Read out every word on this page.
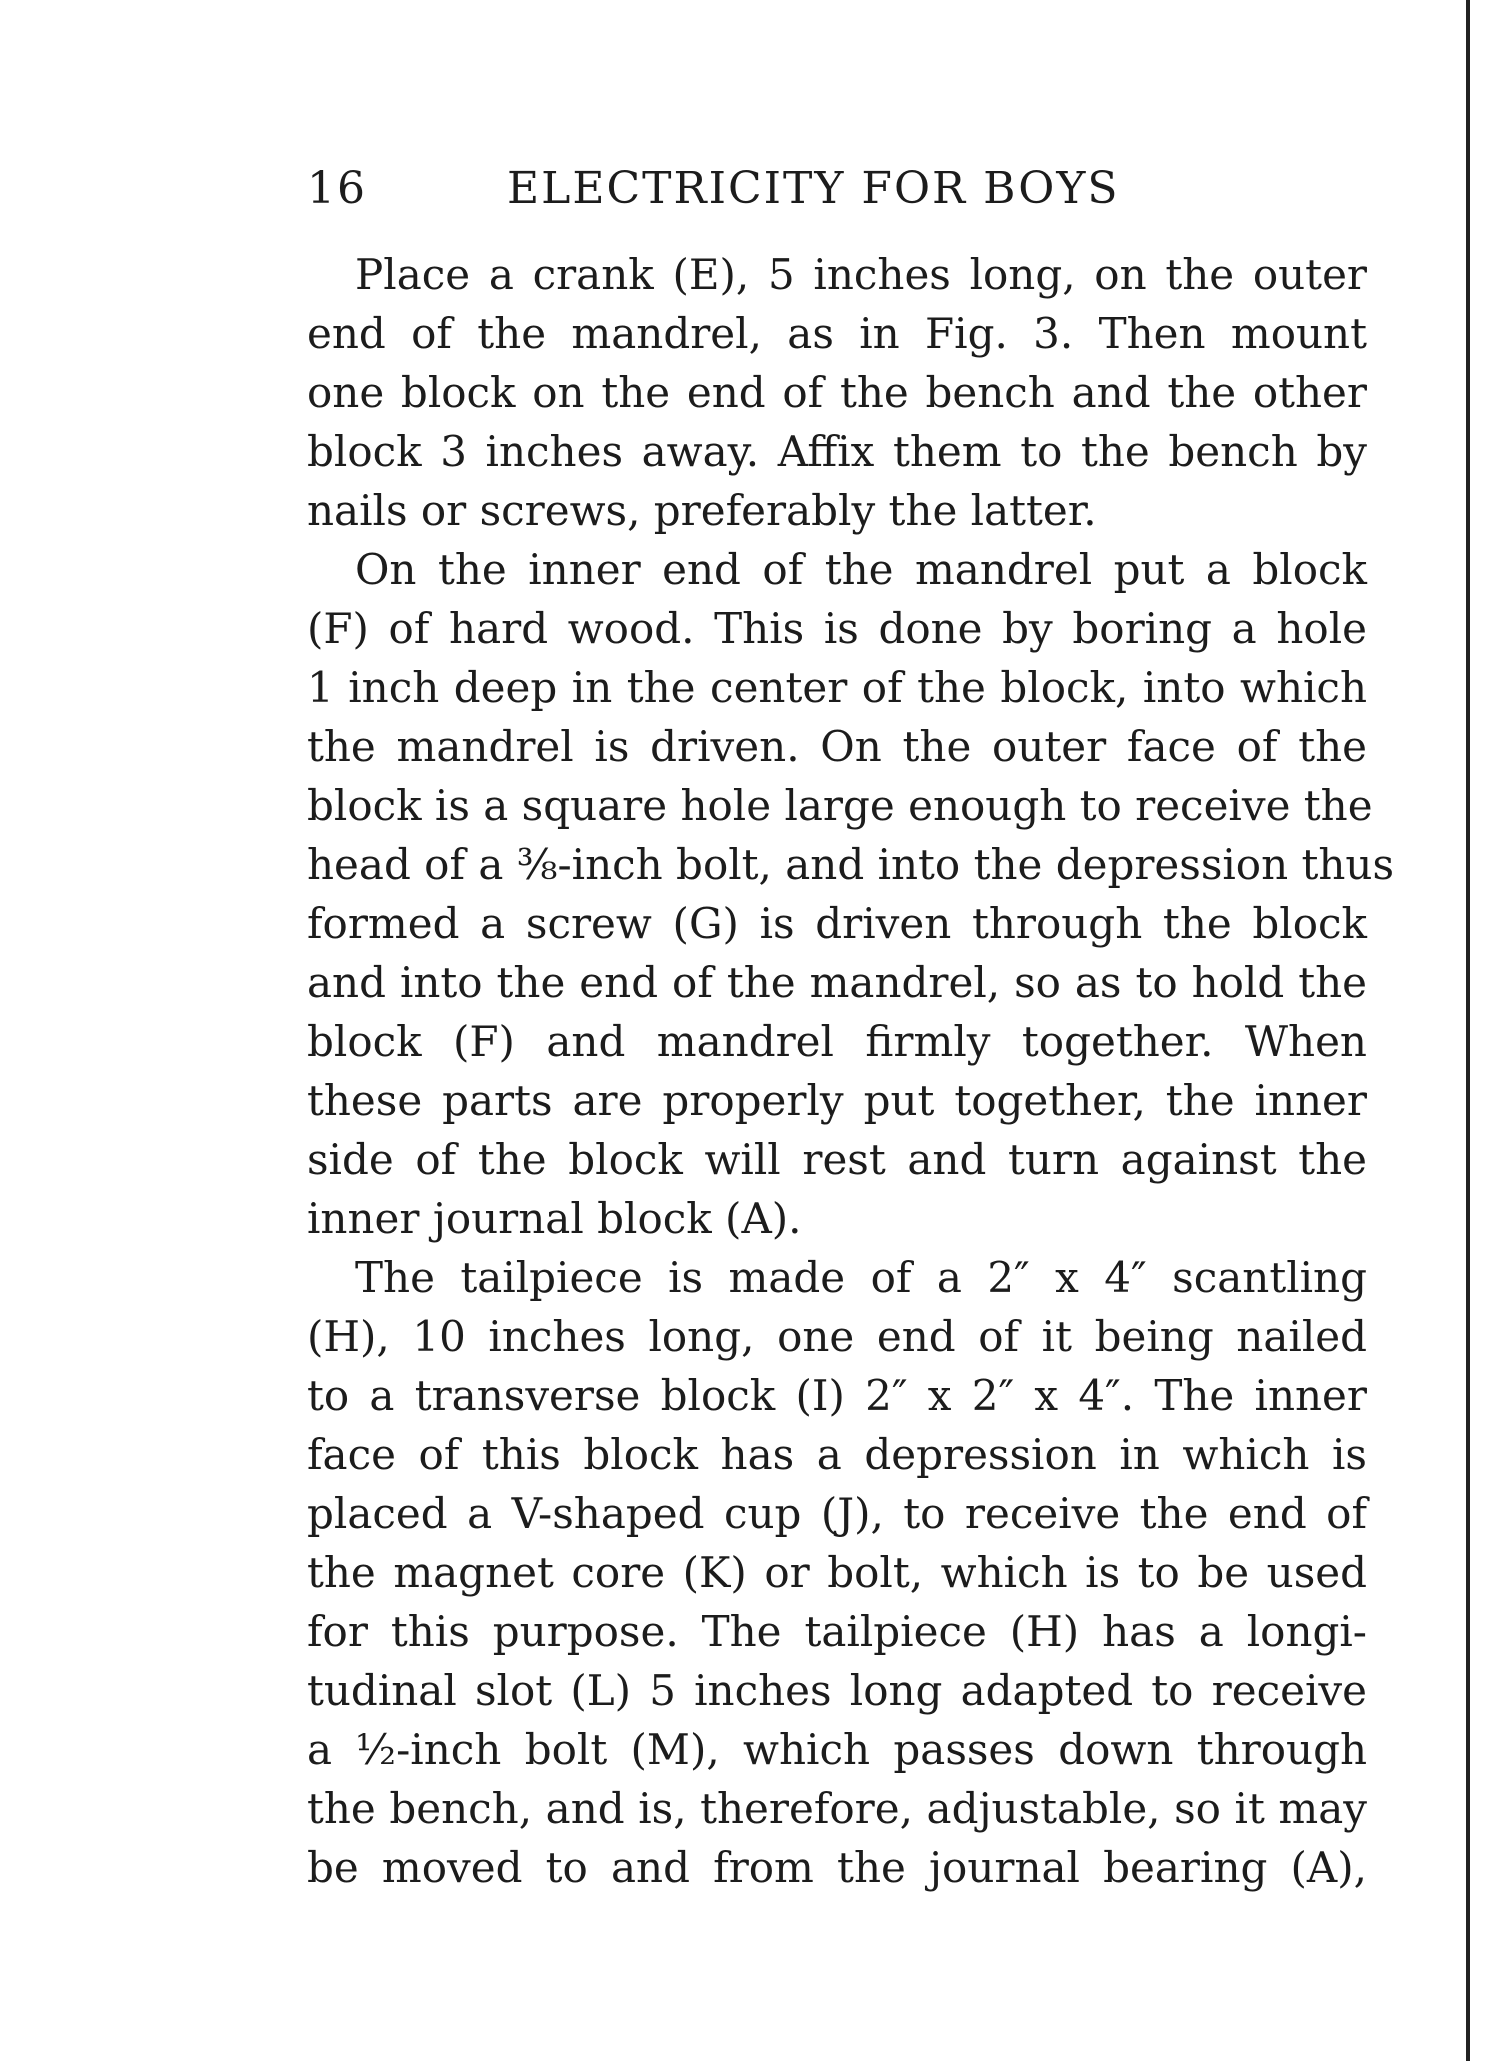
16	ELECTRICITY FOR BOYS
Place a crank (E), 5 inches long, on the outer
end of the mandrel, as in Fig. 3. Then mount
one block on the end of the bench and the other
block 3 inches away. Affix them to the bench by
nails or screws, preferably the latter.
On the inner end of the mandrel put a block
(F) of hard wood. This is done by boring a hole
1 inch deep in the center of the block, into which
the mandrel is driven. On the outer face of the
block is a square hole large enough to receive the
head of a ⅜-inch bolt, and into the depression thus
formed a screw (G) is driven through the block
and into the end of the mandrel, so as to hold the
block (F) and mandrel firmly together. When
these parts are properly put together, the inner
side of the block will rest and turn against the
inner journal block (A).
The tailpiece is made of a 2″ x 4″ scantling
(H), 10 inches long, one end of it being nailed
to a transverse block (I) 2″ x 2″ x 4″. The inner
face of this block has a depression in which is
placed a V-shaped cup (J), to receive the end of
the magnet core (K) or bolt, which is to be used
for this purpose. The tailpiece (H) has a longi-
tudinal slot (L) 5 inches long adapted to receive
a ½-inch bolt (M), which passes down through
the bench, and is, therefore, adjustable, so it may
be moved to and from the journal bearing (A),
